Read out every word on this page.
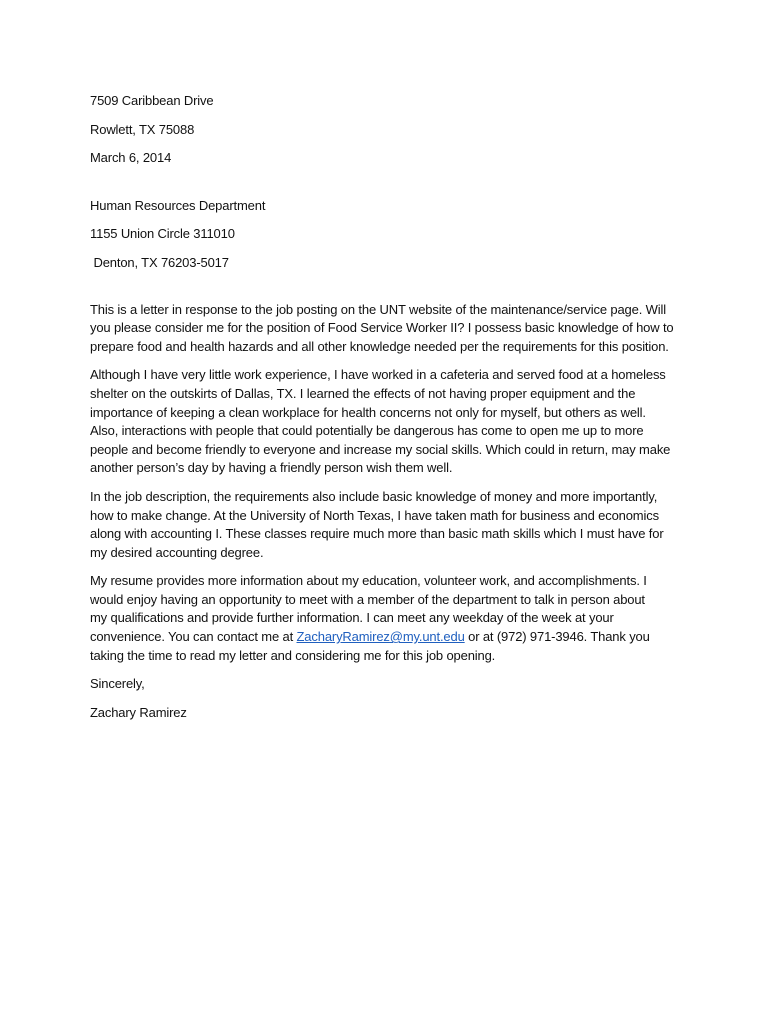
7509 Caribbean Drive
Rowlett, TX 75088
March 6, 2014
Human Resources Department
1155 Union Circle 311010
Denton, TX 76203-5017
This is a letter in response to the job posting on the UNT website of the maintenance/service page. Will
you please consider me for the position of Food Service Worker II? I possess basic knowledge of how to
prepare food and health hazards and all other knowledge needed per the requirements for this position.
Although I have very little work experience, I have worked in a cafeteria and served food at a homeless
shelter on the outskirts of Dallas, TX. I learned the effects of not having proper equipment and the
importance of keeping a clean workplace for health concerns not only for myself, but others as well.
Also, interactions with people that could potentially be dangerous has come to open me up to more
people and become friendly to everyone and increase my social skills. Which could in return, may make
another person’s day by having a friendly person wish them well.
In the job description, the requirements also include basic knowledge of money and more importantly,
how to make change. At the University of North Texas, I have taken math for business and economics
along with accounting I. These classes require much more than basic math skills which I must have for
my desired accounting degree.
My resume provides more information about my education, volunteer work, and accomplishments. I
would enjoy having an opportunity to meet with a member of the department to talk in person about
my qualifications and provide further information. I can meet any weekday of the week at your
convenience. You can contact me at ZacharyRamirez@my.unt.edu or at (972) 971-3946. Thank you
taking the time to read my letter and considering me for this job opening.
Sincerely,
Zachary Ramirez
